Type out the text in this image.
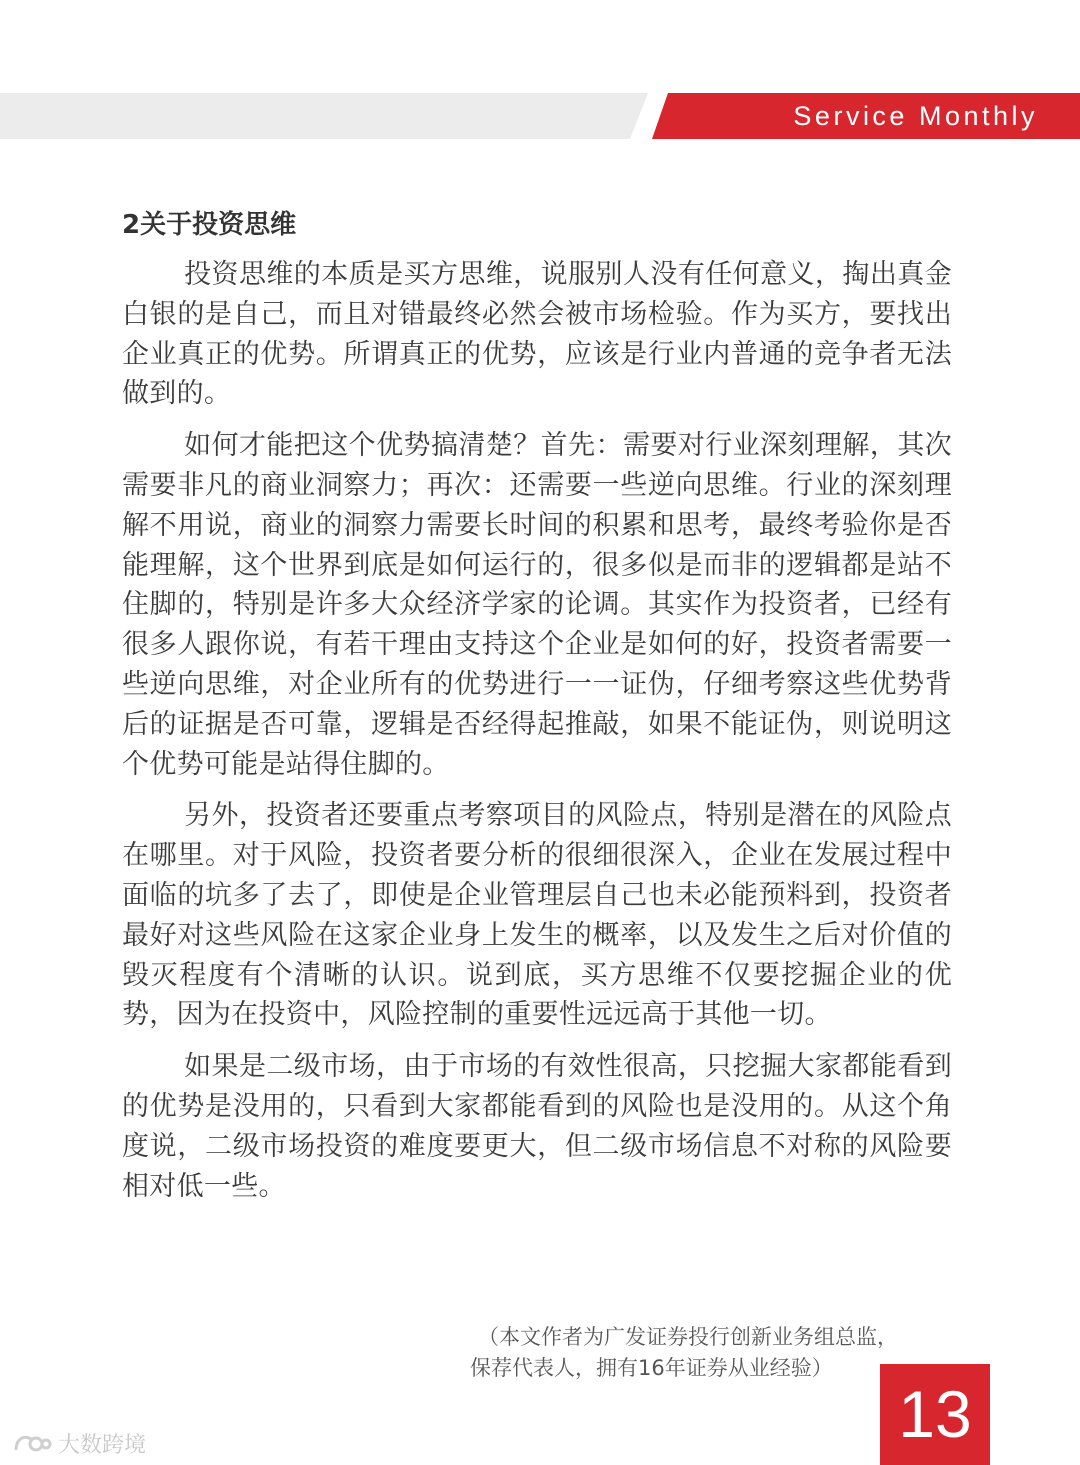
Service Monthly
2关于投资思维

投资思维的本质是买方思维，说服别人没有任何意义，掏出真金白银的是自己，而且对错最终必然会被市场检验。作为买方，要找出企业真正的优势。所谓真正的优势，应该是行业内普通的竞争者无法做到的。

如何才能把这个优势搞清楚？首先：需要对行业深刻理解，其次需要非凡的商业洞察力；再次：还需要一些逆向思维。行业的深刻理解不用说，商业的洞察力需要长时间的积累和思考，最终考验你是否能理解，这个世界到底是如何运行的，很多似是而非的逻辑都是站不住脚的，特别是许多大众经济学家的论调。其实作为投资者，已经有很多人跟你说，有若干理由支持这个企业是如何的好，投资者需要一些逆向思维，对企业所有的优势进行一一证伪，仔细考察这些优势背后的证据是否可靠，逻辑是否经得起推敲，如果不能证伪，则说明这个优势可能是站得住脚的。

另外，投资者还要重点考察项目的风险点，特别是潜在的风险点在哪里。对于风险，投资者要分析的很细很深入，企业在发展过程中面临的坑多了去了，即使是企业管理层自己也未必能预料到，投资者最好对这些风险在这家企业身上发生的概率，以及发生之后对价值的毁灭程度有个清晰的认识。说到底，买方思维不仅要挖掘企业的优势，因为在投资中，风险控制的重要性远远高于其他一切。

如果是二级市场，由于市场的有效性很高，只挖掘大家都能看到的优势是没用的，只看到大家都能看到的风险也是没用的。从这个角度说，二级市场投资的难度要更大，但二级市场信息不对称的风险要相对低一些。

（本文作者为广发证券投行创新业务组总监，
保荐代表人，拥有16年证券从业经验）
13
大数跨境
